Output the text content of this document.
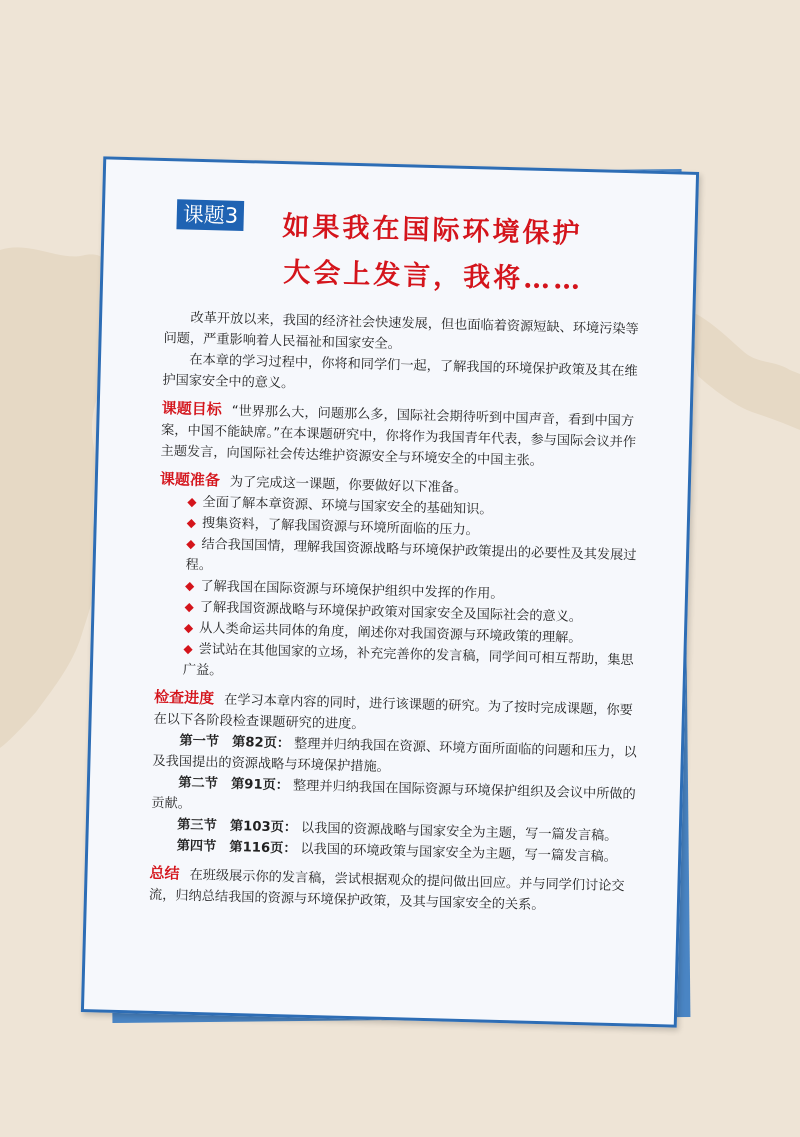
课题3 如果我在国际环境保护
大会上发言，我将……

改革开放以来，我国的经济社会快速发展，但也面临着资源短缺、环境污染等问题，严重影响着人民福祉和国家安全。

在本章的学习过程中，你将和同学们一起，了解我国的环境保护政策及其在维护国家安全中的意义。

课题目标 “世界那么大，问题那么多，国际社会期待听到中国声音，看到中国方案，中国不能缺席。”在本课题研究中，你将作为我国青年代表，参与国际会议并作主题发言，向国际社会传达维护资源安全与环境安全的中国主张。

课题准备 为了完成这一课题，你要做好以下准备。

◆ 全面了解本章资源、环境与国家安全的基础知识。

◆ 搜集资料，了解我国资源与环境所面临的压力。

◆ 结合我国国情，理解我国资源战略与环境保护政策提出的必要性及其发展过程。

◆ 了解我国在国际资源与环境保护组织中发挥的作用。

◆ 了解我国资源战略与环境保护政策对国家安全及国际社会的意义。

◆ 从人类命运共同体的角度，阐述你对我国资源与环境政策的理解。

◆ 尝试站在其他国家的立场，补充完善你的发言稿，同学间可相互帮助，集思广益。

检查进度 在学习本章内容的同时，进行该课题的研究。为了按时完成课题，你要在以下各阶段检查课题研究的进度。

第一节　第82页： 整理并归纳我国在资源、环境方面所面临的问题和压力，以及我国提出的资源战略与环境保护措施。

第二节　第91页： 整理并归纳我国在国际资源与环境保护组织及会议中所做的贡献。

第三节　第103页： 以我国的资源战略与国家安全为主题，写一篇发言稿。

第四节　第116页： 以我国的环境政策与国家安全为主题，写一篇发言稿。

总结 在班级展示你的发言稿，尝试根据观众的提问做出回应。并与同学们讨论交流，归纳总结我国的资源与环境保护政策，及其与国家安全的关系。
